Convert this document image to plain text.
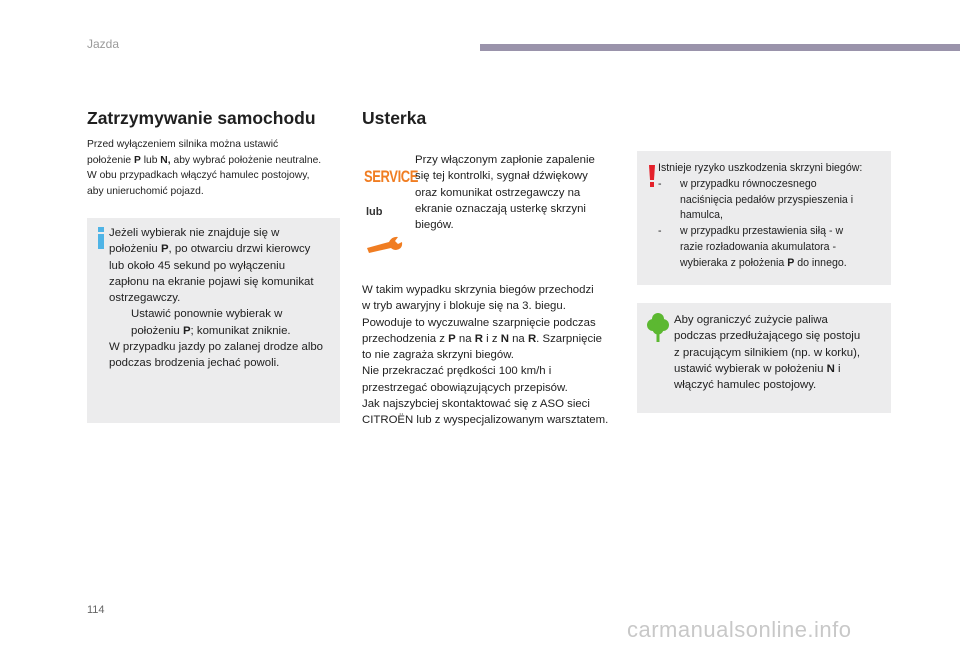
Jazda
Zatrzymywanie samochodu
Przed wyłączeniem silnika można ustawić
położenie P lub N, aby wybrać położenie neutralne.
W obu przypadkach włączyć hamulec postojowy,
aby unieruchomić pojazd.
Jeżeli wybierak nie znajduje się w
położeniu P, po otwarciu drzwi kierowcy
lub około 45 sekund po wyłączeniu
zapłonu na ekranie pojawi się komunikat
ostrzegawczy.
Ustawić ponownie wybierak w
położeniu P; komunikat zniknie.
W przypadku jazdy po zalanej drodze albo
podczas brodzenia jechać powoli.
Usterka
SERVICE
lub
Przy włączonym zapłonie zapalenie
się tej kontrolki, sygnał dźwiękowy
oraz komunikat ostrzegawczy na
ekranie oznaczają usterkę skrzyni
biegów.
W takim wypadku skrzynia biegów przechodzi
w tryb awaryjny i blokuje się na 3. biegu.
Powoduje to wyczuwalne szarpnięcie podczas
przechodzenia z P na R i z N na R. Szarpnięcie
to nie zagraża skrzyni biegów.
Nie przekraczać prędkości 100 km/h i
przestrzegać obowiązujących przepisów.
Jak najszybciej skontaktować się z ASO sieci
CITROËN lub z wyspecjalizowanym warsztatem.
Istnieje ryzyko uszkodzenia skrzyni biegów:
-	w przypadku równoczesnego
naciśnięcia pedałów przyspieszenia i
hamulca,
-	w przypadku przestawienia siłą - w
razie rozładowania akumulatora -
wybieraka z położenia P do innego.
Aby ograniczyć zużycie paliwa
podczas przedłużającego się postoju
z pracującym silnikiem (np. w korku),
ustawić wybierak w położeniu N i
włączyć hamulec postojowy.
114
carmanualsonline.info
